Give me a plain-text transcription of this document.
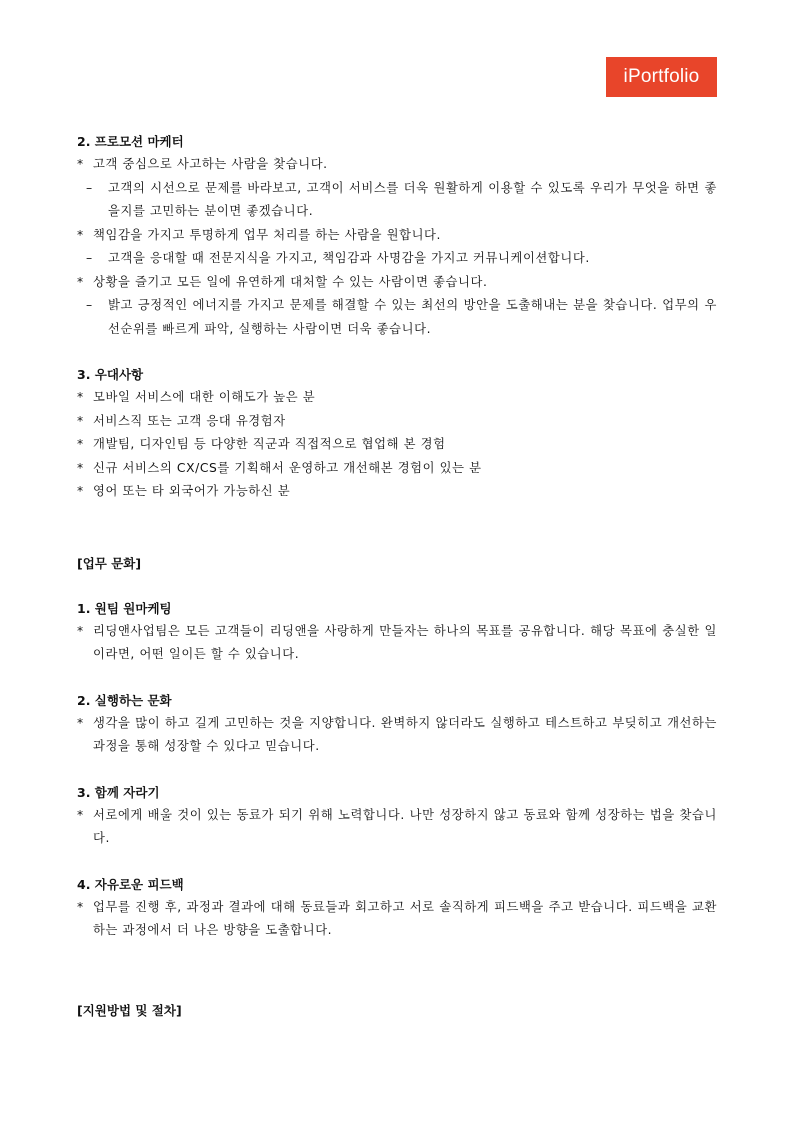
iPortfolio
2. 프로모션 마케터
* 고객 중심으로 사고하는 사람을 찾습니다.
–	고객의 시선으로 문제를 바라보고, 고객이 서비스를 더욱 원활하게 이용할 수 있도록 우리가 무엇을 하면 좋을지를 고민하는 분이면 좋겠습니다.
* 책임감을 가지고 투명하게 업무 처리를 하는 사람을 원합니다.
–	고객을 응대할 때 전문지식을 가지고, 책임감과 사명감을 가지고 커뮤니케이션합니다.
* 상황을 즐기고 모든 일에 유연하게 대처할 수 있는 사람이면 좋습니다.
–	밝고 긍정적인 에너지를 가지고 문제를 해결할 수 있는 최선의 방안을 도출해내는 분을 찾습니다. 업무의 우선순위를 빠르게 파악, 실행하는 사람이면 더욱 좋습니다.
3. 우대사항
* 모바일 서비스에 대한 이해도가 높은 분
* 서비스직 또는 고객 응대 유경험자
* 개발팀, 디자인팀 등 다양한 직군과 직접적으로 협업해 본 경험
* 신규 서비스의 CX/CS를 기획해서 운영하고 개선해본 경험이 있는 분
* 영어 또는 타 외국어가 가능하신 분
[업무 문화]
1. 원팀 원마케팅
* 리딩앤사업팀은 모든 고객들이 리딩앤을 사랑하게 만들자는 하나의 목표를 공유합니다. 해당 목표에 충실한 일이라면, 어떤 일이든 할 수 있습니다.
2. 실행하는 문화
* 생각을 많이 하고 길게 고민하는 것을 지양합니다. 완벽하지 않더라도 실행하고 테스트하고 부딪히고 개선하는 과정을 통해 성장할 수 있다고 믿습니다.
3. 함께 자라기
* 서로에게 배울 것이 있는 동료가 되기 위해 노력합니다. 나만 성장하지 않고 동료와 함께 성장하는 법을 찾습니다.
4. 자유로운 피드백
* 업무를 진행 후, 과정과 결과에 대해 동료들과 회고하고 서로 솔직하게 피드백을 주고 받습니다. 피드백을 교환하는 과정에서 더 나은 방향을 도출합니다.
[지원방법 및 절차]
